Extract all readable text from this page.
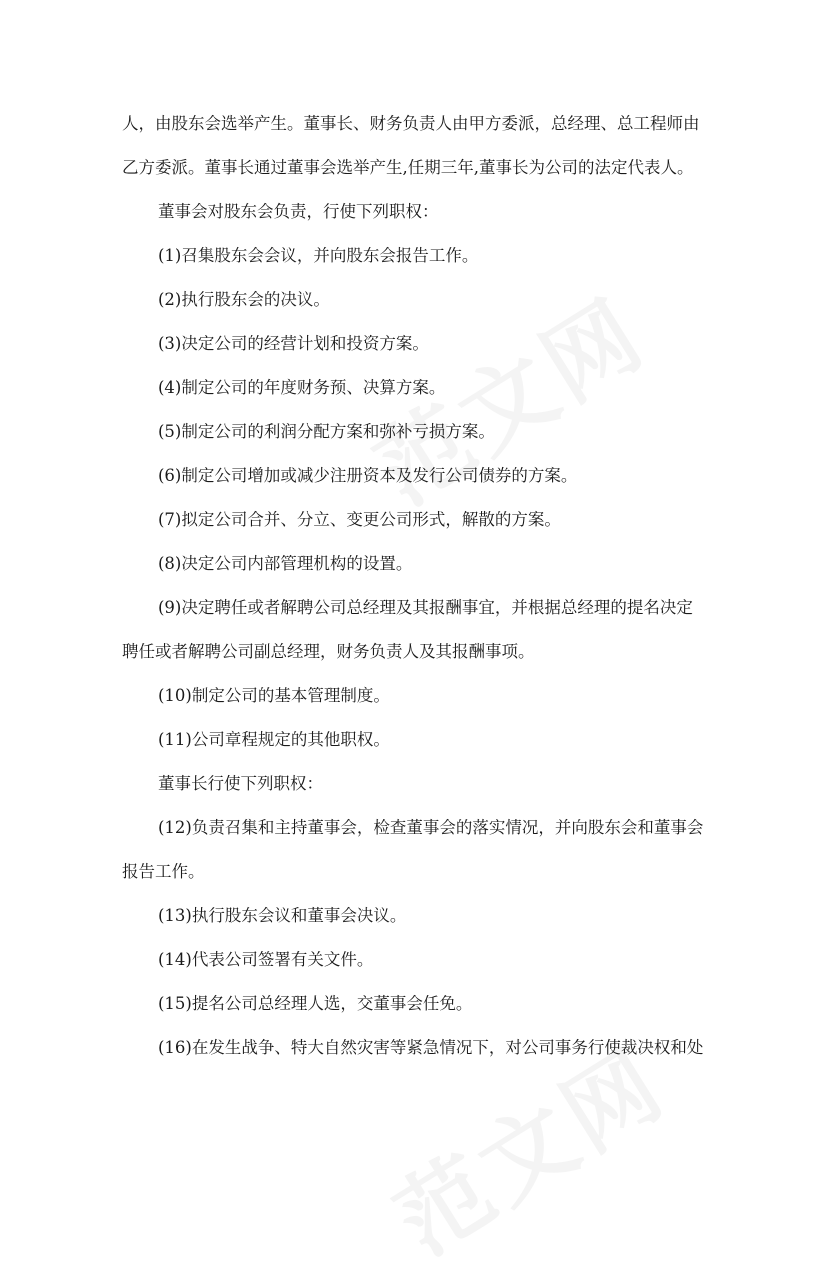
人，由股东会选举产生。董事长、财务负责人由甲方委派，总经理、总工程师由
乙方委派。董事长通过董事会选举产生,任期三年,董事长为公司的法定代表人。
董事会对股东会负责，行使下列职权：
(1)召集股东会会议，并向股东会报告工作。
(2)执行股东会的决议。
(3)决定公司的经营计划和投资方案。
(4)制定公司的年度财务预、决算方案。
(5)制定公司的利润分配方案和弥补亏损方案。
(6)制定公司增加或减少注册资本及发行公司债券的方案。
(7)拟定公司合并、分立、变更公司形式，解散的方案。
(8)决定公司内部管理机构的设置。
(9)决定聘任或者解聘公司总经理及其报酬事宜，并根据总经理的提名决定
聘任或者解聘公司副总经理，财务负责人及其报酬事项。
(10)制定公司的基本管理制度。
(11)公司章程规定的其他职权。
董事长行使下列职权：
(12)负责召集和主持董事会，检查董事会的落实情况，并向股东会和董事会
报告工作。
(13)执行股东会议和董事会决议。
(14)代表公司签署有关文件。
(15)提名公司总经理人选，交董事会任免。
(16)在发生战争、特大自然灾害等紧急情况下，对公司事务行使裁决权和处
